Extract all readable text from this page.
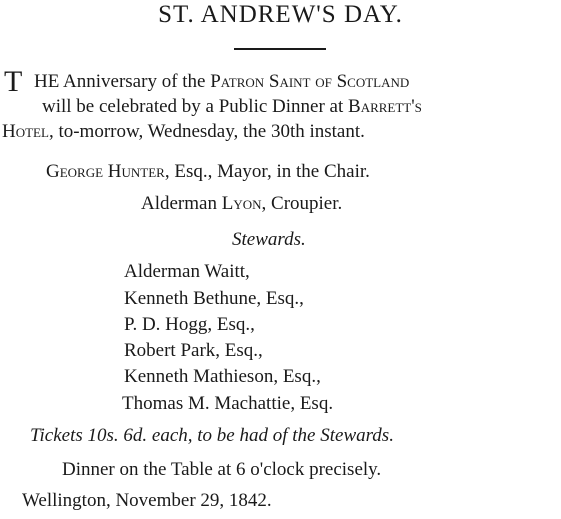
ST. ANDREW'S DAY.
T HE Anniversary of the Patron Saint of Scotland
will be celebrated by a Public Dinner at Barrett's
Hotel, to-morrow, Wednesday, the 30th instant.
George Hunter, Esq., Mayor, in the Chair.
Alderman Lyon, Croupier.
Stewards.
Alderman Waitt,
Kenneth Bethune, Esq.,
P. D. Hogg, Esq.,
Robert Park, Esq.,
Kenneth Mathieson, Esq.,
Thomas M. Machattie, Esq.
Tickets 10s. 6d. each, to be had of the Stewards.
Dinner on the Table at 6 o'clock precisely.
Wellington, November 29, 1842.
